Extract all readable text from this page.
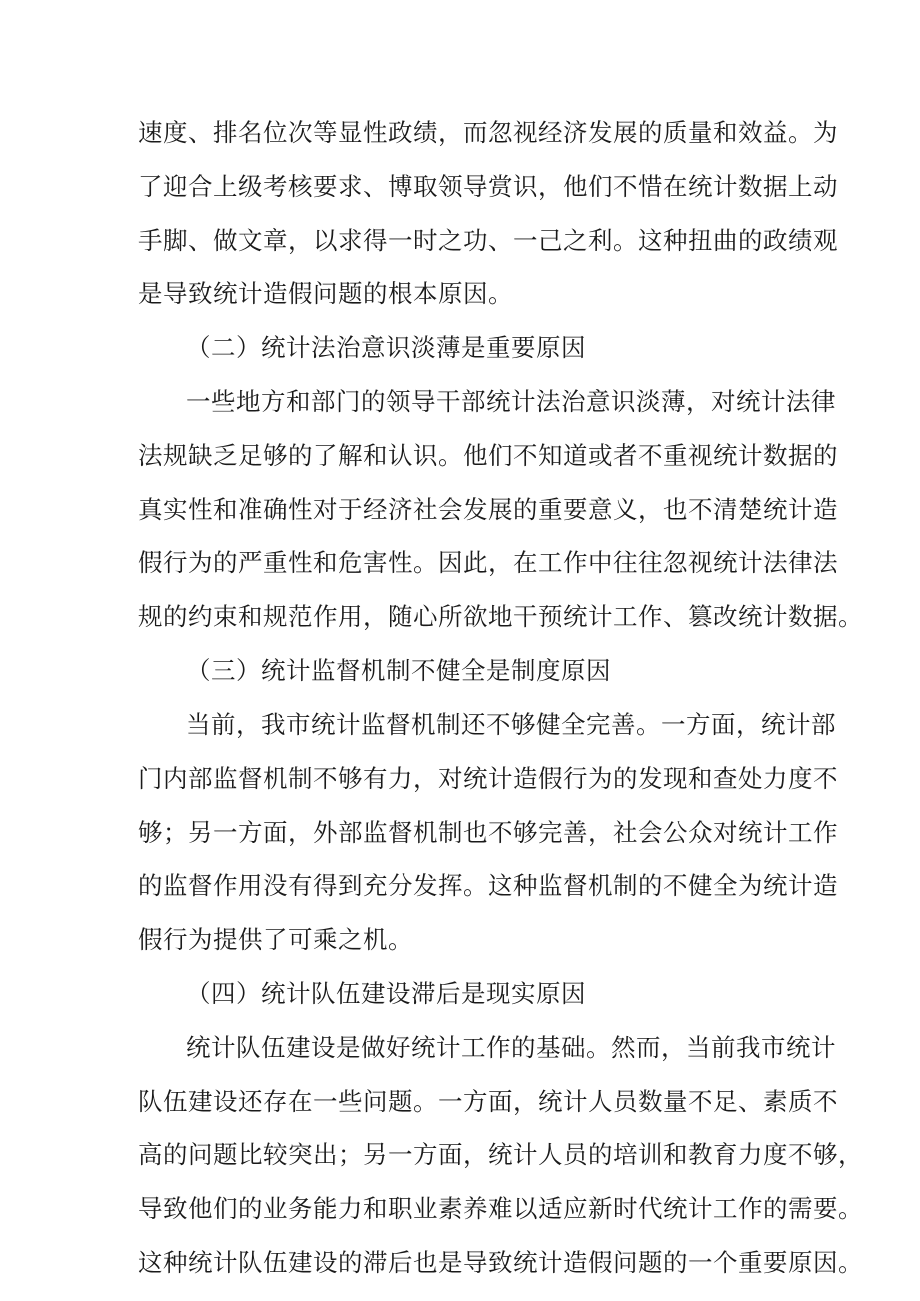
速度、排名位次等显性政绩，而忽视经济发展的质量和效益。为
了迎合上级考核要求、博取领导赏识，他们不惜在统计数据上动
手脚、做文章，以求得一时之功、一己之利。这种扭曲的政绩观
是导致统计造假问题的根本原因。
（二）统计法治意识淡薄是重要原因
一些地方和部门的领导干部统计法治意识淡薄，对统计法律
法规缺乏足够的了解和认识。他们不知道或者不重视统计数据的
真实性和准确性对于经济社会发展的重要意义，也不清楚统计造
假行为的严重性和危害性。因此，在工作中往往忽视统计法律法
规的约束和规范作用，随心所欲地干预统计工作、篡改统计数据。
（三）统计监督机制不健全是制度原因
当前，我市统计监督机制还不够健全完善。一方面，统计部
门内部监督机制不够有力，对统计造假行为的发现和查处力度不
够；另一方面，外部监督机制也不够完善，社会公众对统计工作
的监督作用没有得到充分发挥。这种监督机制的不健全为统计造
假行为提供了可乘之机。
（四）统计队伍建设滞后是现实原因
统计队伍建设是做好统计工作的基础。然而，当前我市统计
队伍建设还存在一些问题。一方面，统计人员数量不足、素质不
高的问题比较突出；另一方面，统计人员的培训和教育力度不够，
导致他们的业务能力和职业素养难以适应新时代统计工作的需要。
这种统计队伍建设的滞后也是导致统计造假问题的一个重要原因。
